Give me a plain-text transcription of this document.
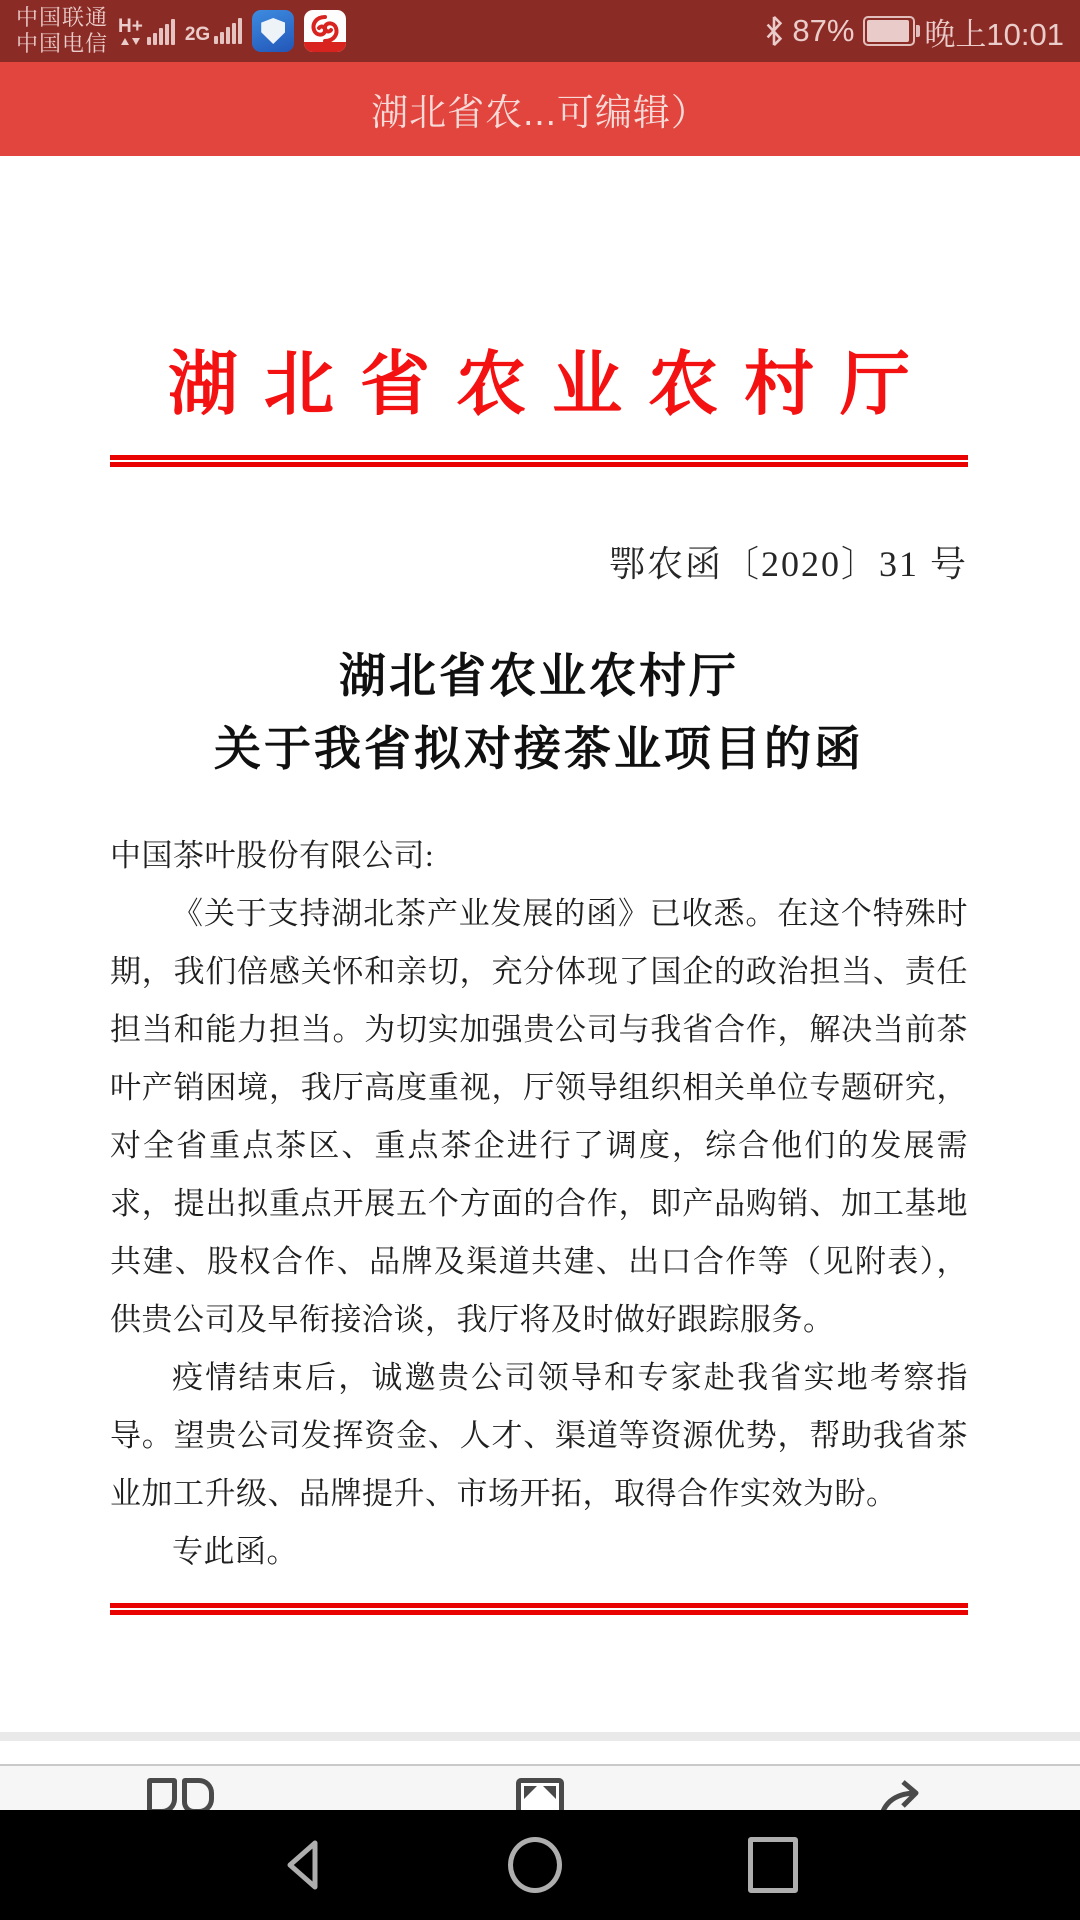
中国联通
中国电信
H+ 2G	87% 晚上10:01
湖北省农...可编辑）
湖北省农业农村厅
鄂农函〔2020〕31 号
湖北省农业农村厅
关于我省拟对接茶业项目的函

中国茶叶股份有限公司:

《关于支持湖北茶产业发展的函》已收悉。在这个特殊时期，我们倍感关怀和亲切，充分体现了国企的政治担当、责任担当和能力担当。为切实加强贵公司与我省合作，解决当前茶叶产销困境，我厅高度重视，厅领导组织相关单位专题研究，对全省重点茶区、重点茶企进行了调度，综合他们的发展需求，提出拟重点开展五个方面的合作，即产品购销、加工基地共建、股权合作、品牌及渠道共建、出口合作等（见附表），供贵公司及早衔接洽谈，我厅将及时做好跟踪服务。

疫情结束后，诚邀贵公司领导和专家赴我省实地考察指导。望贵公司发挥资金、人才、渠道等资源优势，帮助我省茶业加工升级、品牌提升、市场开拓，取得合作实效为盼。

专此函。
